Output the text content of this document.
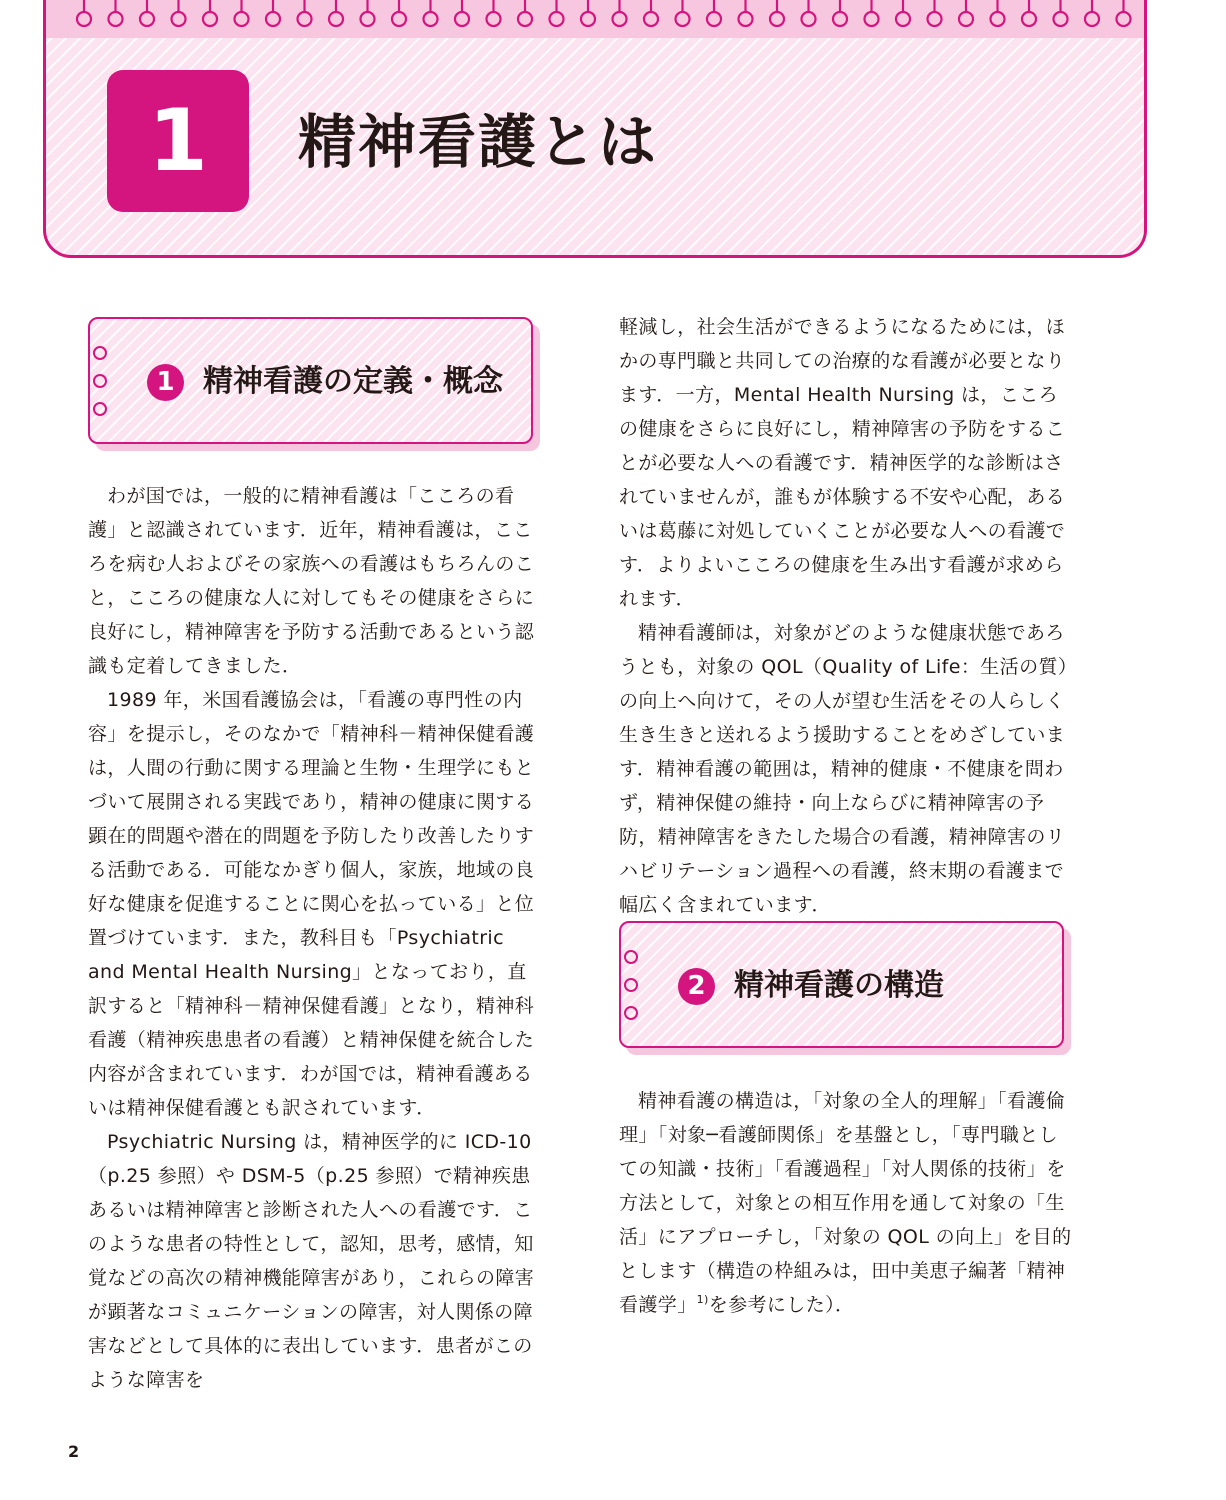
1	精神看護とは
1 精神看護の定義・概念

わが国では，一般的に精神看護は「こころの看護」と認識されています．近年，精神看護は，こころを病む人およびその家族への看護はもちろんのこと，こころの健康な人に対してもその健康をさらに良好にし，精神障害を予防する活動であるという認識も定着してきました．

1989 年，米国看護協会は，「看護の専門性の内容」を提示し，そのなかで「精神科－精神保健看護は，人間の行動に関する理論と生物・生理学にもとづいて展開される実践であり，精神の健康に関する顕在的問題や潜在的問題を予防したり改善したりする活動である．可能なかぎり個人，家族，地域の良好な健康を促進することに関心を払っている」と位置づけています．また，教科目も「Psychiatric and Mental Health Nursing」となっており，直訳すると「精神科－精神保健看護」となり，精神科看護（精神疾患患者の看護）と精神保健を統合した内容が含まれています．わが国では，精神看護あるいは精神保健看護とも訳されています．

Psychiatric Nursing は，精神医学的に ICD-10（p.25 参照）や DSM-5（p.25 参照）で精神疾患あるいは精神障害と診断された人への看護です．このような患者の特性として，認知，思考，感情，知覚などの高次の精神機能障害があり，これらの障害が顕著なコミュニケーションの障害，対人関係の障害などとして具体的に表出しています．患者がこのような障害を

軽減し，社会生活ができるようになるためには，ほかの専門職と共同しての治療的な看護が必要となります．一方，Mental Health Nursing は，こころの健康をさらに良好にし，精神障害の予防をすることが必要な人への看護です．精神医学的な診断はされていませんが，誰もが体験する不安や心配，あるいは葛藤に対処していくことが必要な人への看護です．よりよいこころの健康を生み出す看護が求められます．

精神看護師は，対象がどのような健康状態であろうとも，対象の QOL（Quality of Life：生活の質）の向上へ向けて，その人が望む生活をその人らしく生き生きと送れるよう援助することをめざしています．精神看護の範囲は，精神的健康・不健康を問わず，精神保健の維持・向上ならびに精神障害の予防，精神障害をきたした場合の看護，精神障害のリハビリテーション過程への看護，終末期の看護まで幅広く含まれています．

2 精神看護の構造

精神看護の構造は，「対象の全人的理解」「看護倫理」「対象─看護師関係」を基盤とし，「専門職としての知識・技術」「看護過程」「対人関係的技術」を方法として，対象との相互作用を通して対象の「生活」にアプローチし，「対象の QOL の向上」を目的とします（構造の枠組みは，田中美恵子編著「精神看護学」$^{1)}$を参考にした）．

2
